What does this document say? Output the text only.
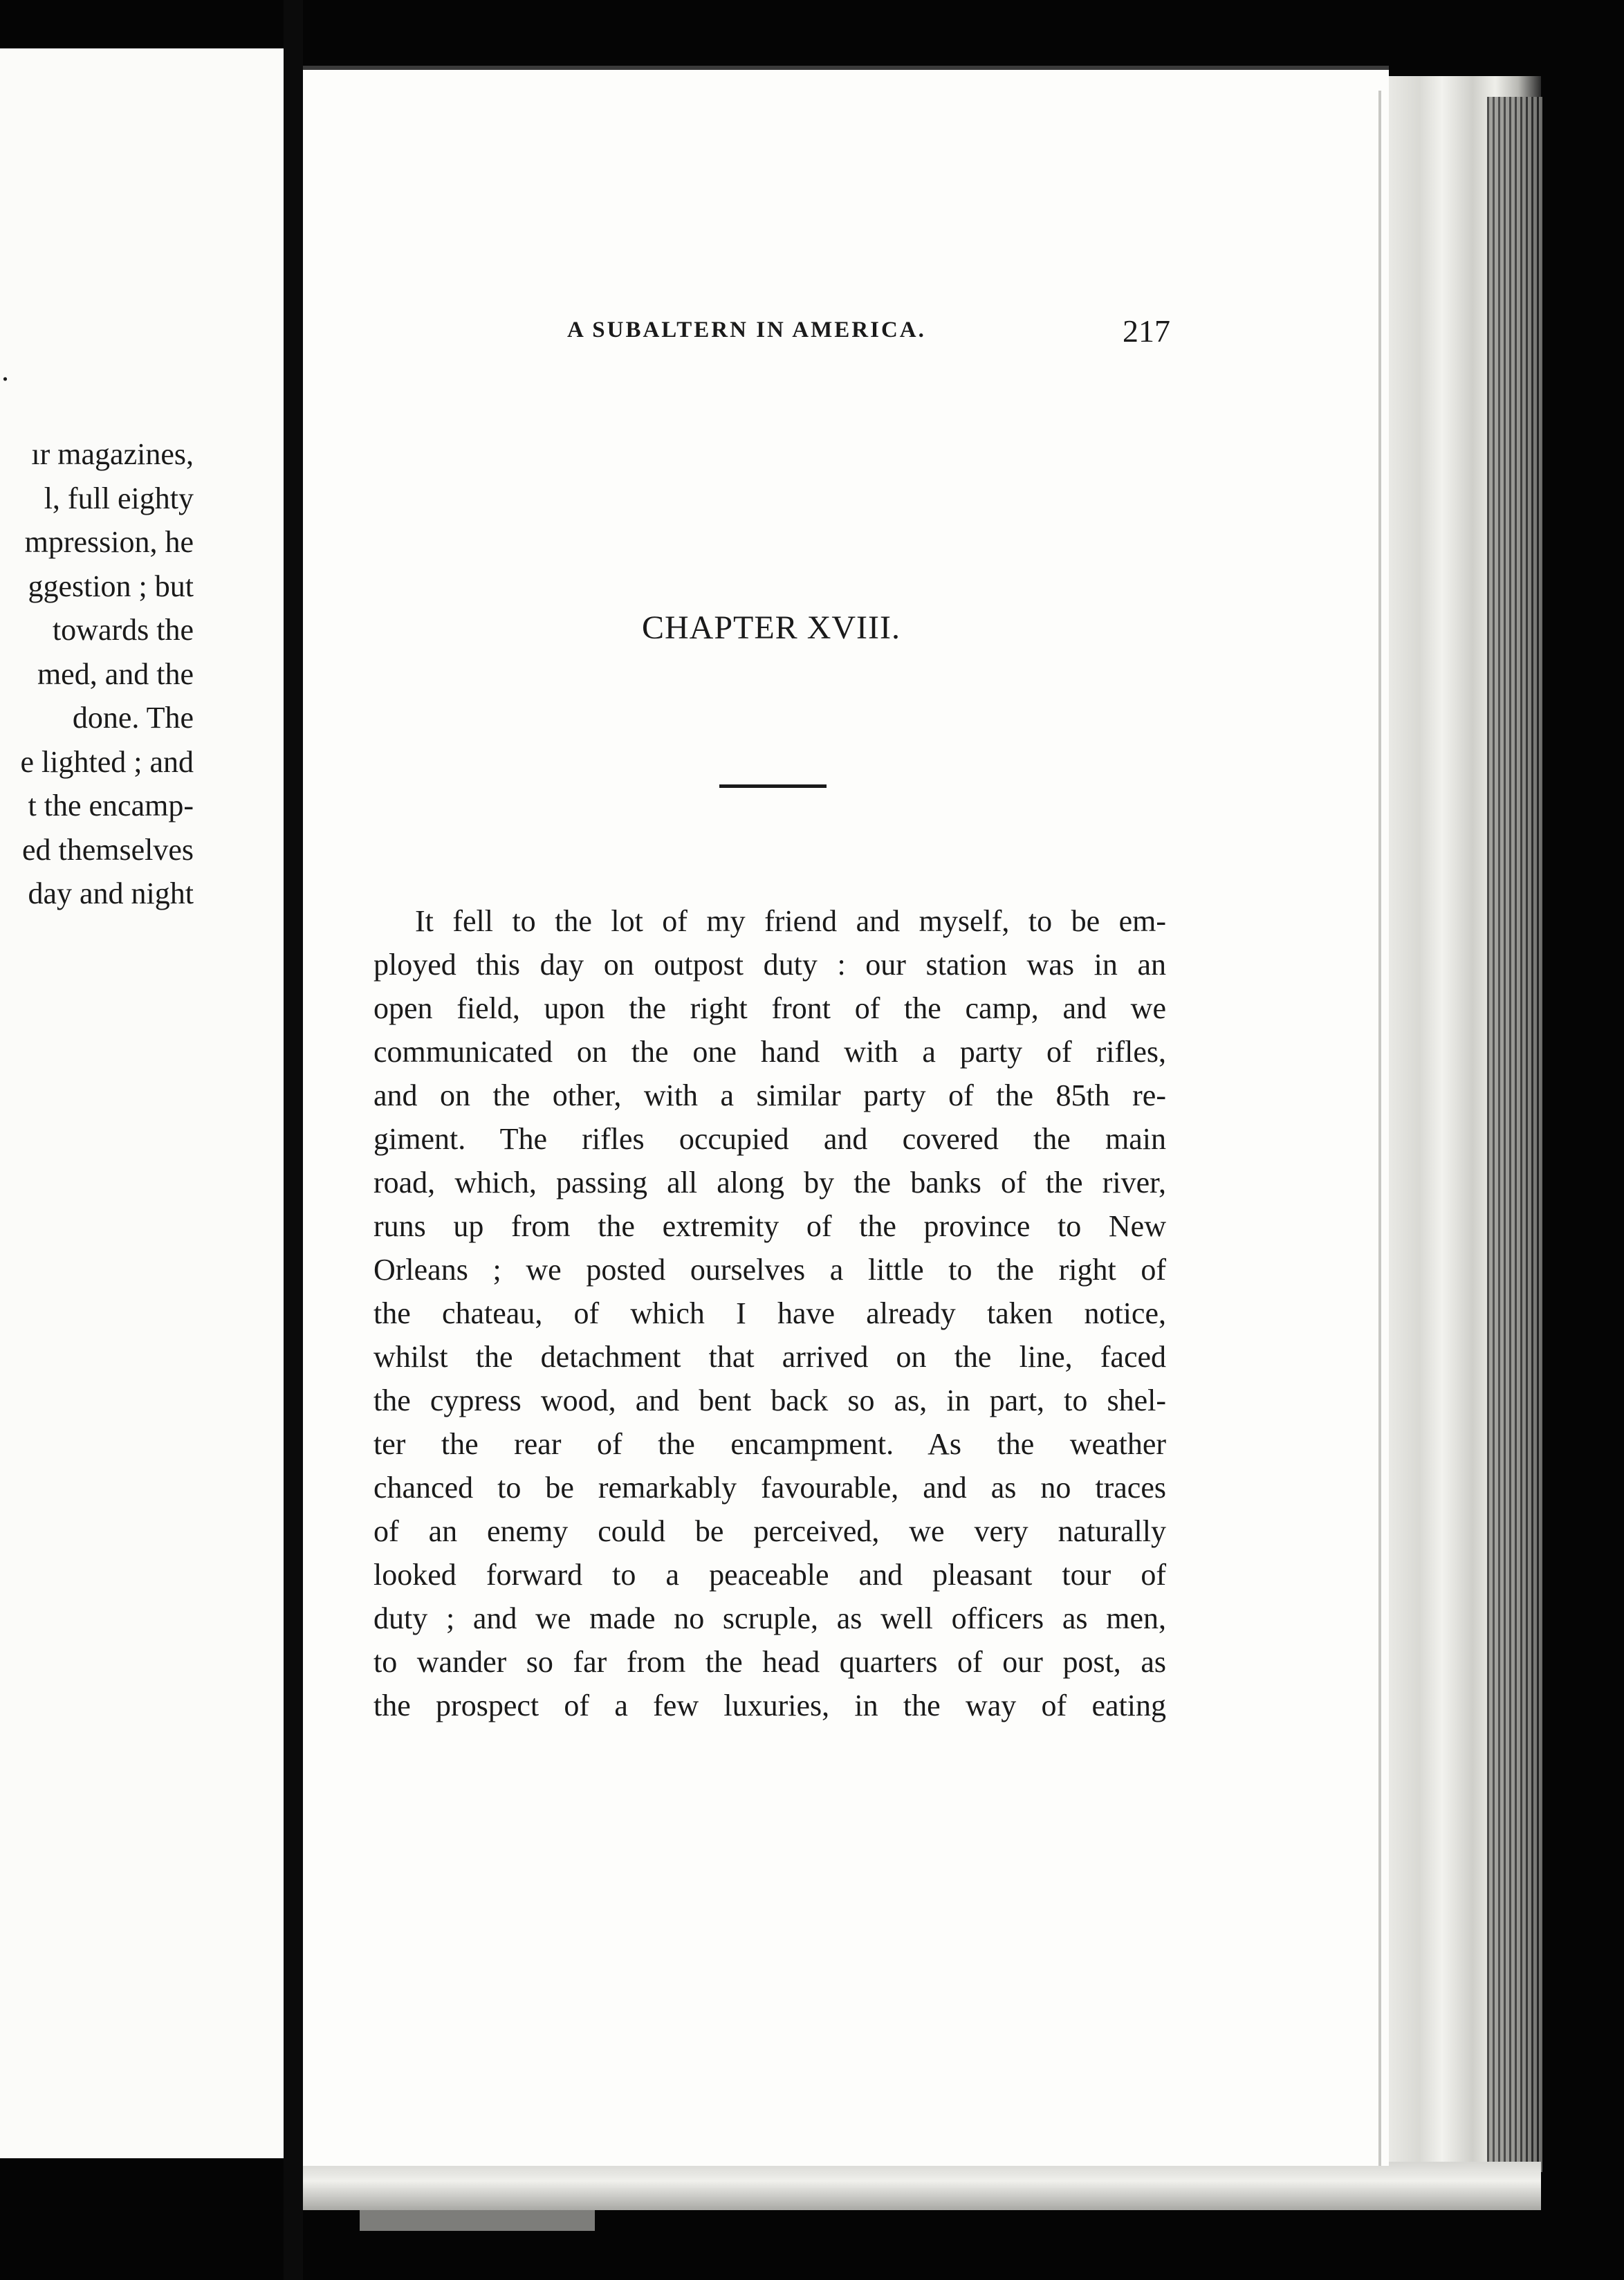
.
ır magazines,
l, full eighty
mpression, he
ggestion ; but
towards the
med, and the
done. The
e lighted ; and
t the encamp-
ed themselves
day and night
A SUBALTERN IN AMERICA.	217
CHAPTER XVIII.
It fell to the lot of my friend and myself, to be em-
ployed this day on outpost duty : our station was in an
open field, upon the right front of the camp, and we
communicated on the one hand with a party of rifles,
and on the other, with a similar party of the 85th re-
giment. The rifles occupied and covered the main
road, which, passing all along by the banks of the river,
runs up from the extremity of the province to New
Orleans ; we posted ourselves a little to the right of
the chateau, of which I have already taken notice,
whilst the detachment that arrived on the line, faced
the cypress wood, and bent back so as, in part, to shel-
ter the rear of the encampment. As the weather
chanced to be remarkably favourable, and as no traces
of an enemy could be perceived, we very naturally
looked forward to a peaceable and pleasant tour of
duty ; and we made no scruple, as well officers as men,
to wander so far from the head quarters of our post, as
the prospect of a few luxuries, in the way of eating
